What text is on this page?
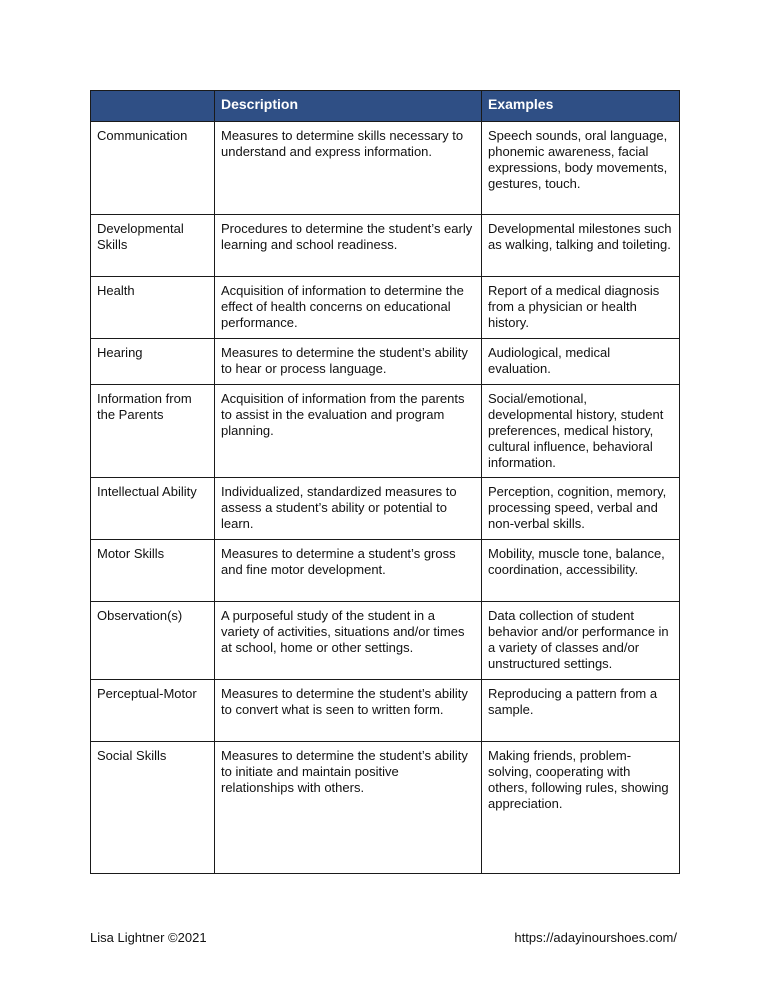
	Description	Examples
Communication	Measures to determine skills necessary to understand and express information.	Speech sounds, oral language, phonemic awareness, facial expressions, body movements, gestures, touch.
Developmental Skills	Procedures to determine the student’s early learning and school readiness.	Developmental milestones such as walking, talking and toileting.
Health	Acquisition of information to determine the effect of health concerns on educational performance.	Report of a medical diagnosis from a physician or health history.
Hearing	Measures to determine the student’s ability to hear or process language.	Audiological, medical evaluation.
Information from the Parents	Acquisition of information from the parents to assist in the evaluation and program planning.	Social/emotional, developmental history, student preferences, medical history, cultural influence, behavioral information.
Intellectual Ability	Individualized, standardized measures to assess a student’s ability or potential to learn.	Perception, cognition, memory, processing speed, verbal and non-verbal skills.
Motor Skills	Measures to determine a student’s gross and fine motor development.	Mobility, muscle tone, balance, coordination, accessibility.
Observation(s)	A purposeful study of the student in a variety of activities, situations and/or times at school, home or other settings.	Data collection of student behavior and/or performance in a variety of classes and/or unstructured settings.
Perceptual-Motor	Measures to determine the student’s ability to convert what is seen to written form.	Reproducing a pattern from a sample.
Social Skills	Measures to determine the student’s ability to initiate and maintain positive relationships with others.	Making friends, problem-solving, cooperating with others, following rules, showing appreciation.
Lisa Lightner ©2021	https://adayinourshoes.com/
